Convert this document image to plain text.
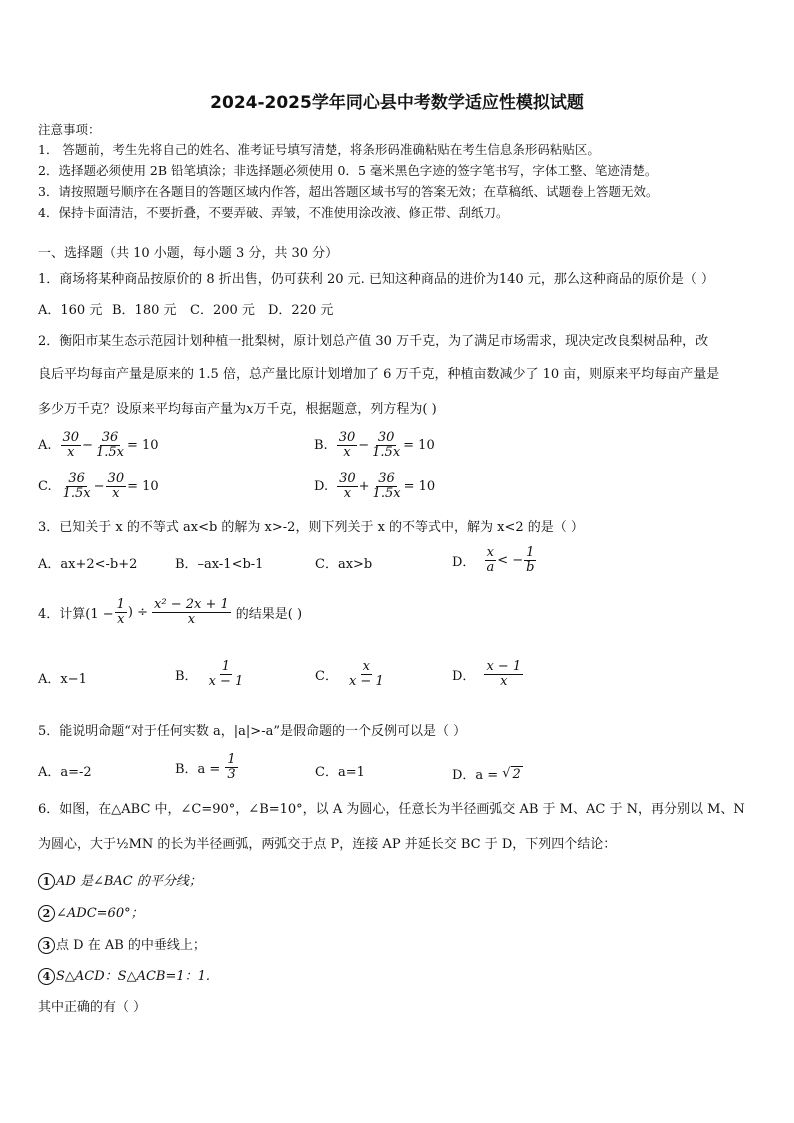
2024-2025学年同心县中考数学适应性模拟试题
注意事项：
1． 答题前，考生先将自己的姓名、准考证号填写清楚，将条形码准确粘贴在考生信息条形码粘贴区。
2．选择题必须使用 2B 铅笔填涂；非选择题必须使用 0．5 毫米黑色字迹的签字笔书写，字体工整、笔迹清楚。
3．请按照题号顺序在各题目的答题区域内作答，超出答题区域书写的答案无效；在草稿纸、试题卷上答题无效。
4．保持卡面清洁，不要折叠，不要弄破、弄皱，不准使用涂改液、修正带、刮纸刀。
一、选择题（共 10 小题，每小题 3 分，共 30 分）
1．商场将某种商品按原价的 8 折出售，仍可获利 20 元. 已知这种商品的进价为140 元，那么这种商品的原价是（ ）
A．160 元 B．180 元 C．200 元 D．220 元
2．衡阳市某生态示范园计划种植一批梨树，原计划总产值 30 万千克，为了满足市场需求，现决定改良梨树品种，改
良后平均每亩产量是原来的 1.5 倍，总产量比原计划增加了 6 万千克，种植亩数减少了 10 亩，则原来平均每亩产量是
多少万千克？设原来平均每亩产量为x万千克，根据题意，列方程为( )
A. $\frac{30}{x} - \frac{36}{1.5x} = 10$	B. $\frac{30}{x} - \frac{30}{1.5x} = 10$
C. $\frac{36}{1.5x} - \frac{30}{x} = 10$	D. $\frac{30}{x} + \frac{36}{1.5x} = 10$
3．已知关于 x 的不等式 ax<b 的解为 x>-2，则下列关于 x 的不等式中，解为 x<2 的是（ ）
A．ax+2<-b+2	B．–ax-1<b-1	C．ax>b	D． $\frac{x}{a}$ < − $\frac{1}{b}$
4．计算($1 - \frac{1}{x}$ ) ÷ $\frac{\text{x² − 2x + 1}}{x}$ 的结果是( )
A．x−1	B． $\frac{1}{x - 1}$	C． $\frac{x}{x - 1}$	D． $\frac{x - 1}{x}$
5．能说明命题“对于任何实数 a，|a|>-a”是假命题的一个反例可以是（ ）
A．a=-2	B．$a = \frac{1}{3}$	C．a=1	D．a = √ 2
6．如图，在△ABC 中，∠C=90°，∠B=10°，以 A 为圆心，任意长为半径画弧交 AB 于 M、AC 于 N，再分别以 M、N
为圆心，大于½MN 的长为半径画弧，两弧交于点 P，连接 AP 并延长交 BC 于 D，下列四个结论：
1 AD 是∠BAC 的平分线；
2 ∠ADC=60°；
3 点 D 在 AB 的中垂线上；
4 S△ACD：S△ACB=1：1.
其中正确的有（ ）
